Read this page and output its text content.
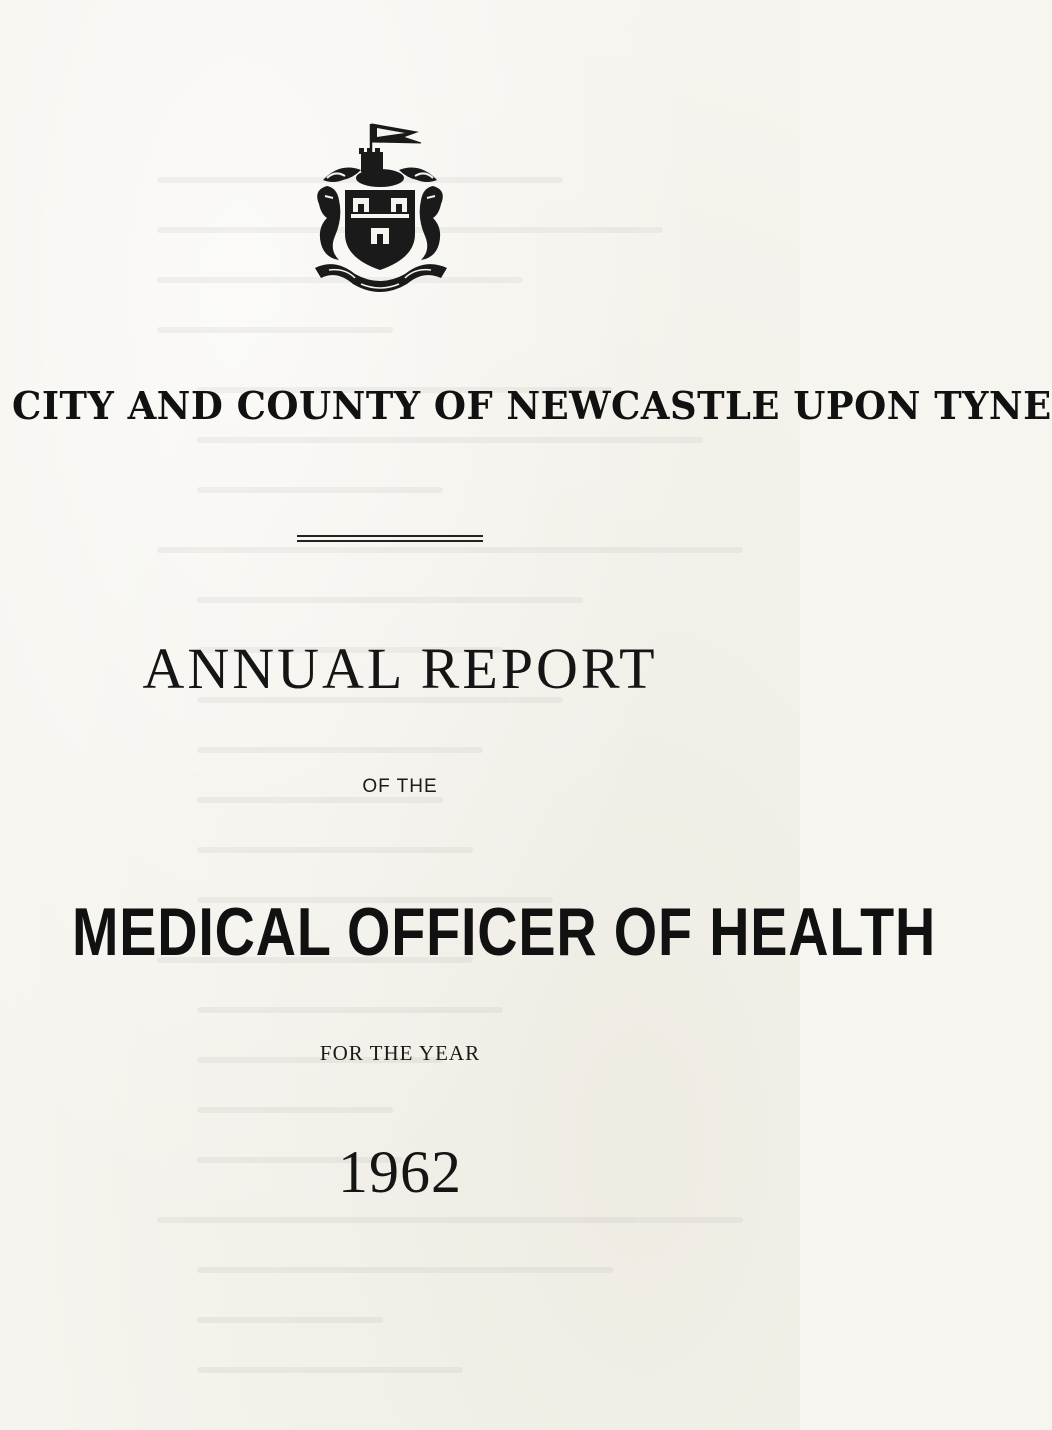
CITY AND COUNTY OF NEWCASTLE UPON TYNE
ANNUAL REPORT
OF THE
MEDICAL OFFICER OF HEALTH
FOR THE YEAR
1962
